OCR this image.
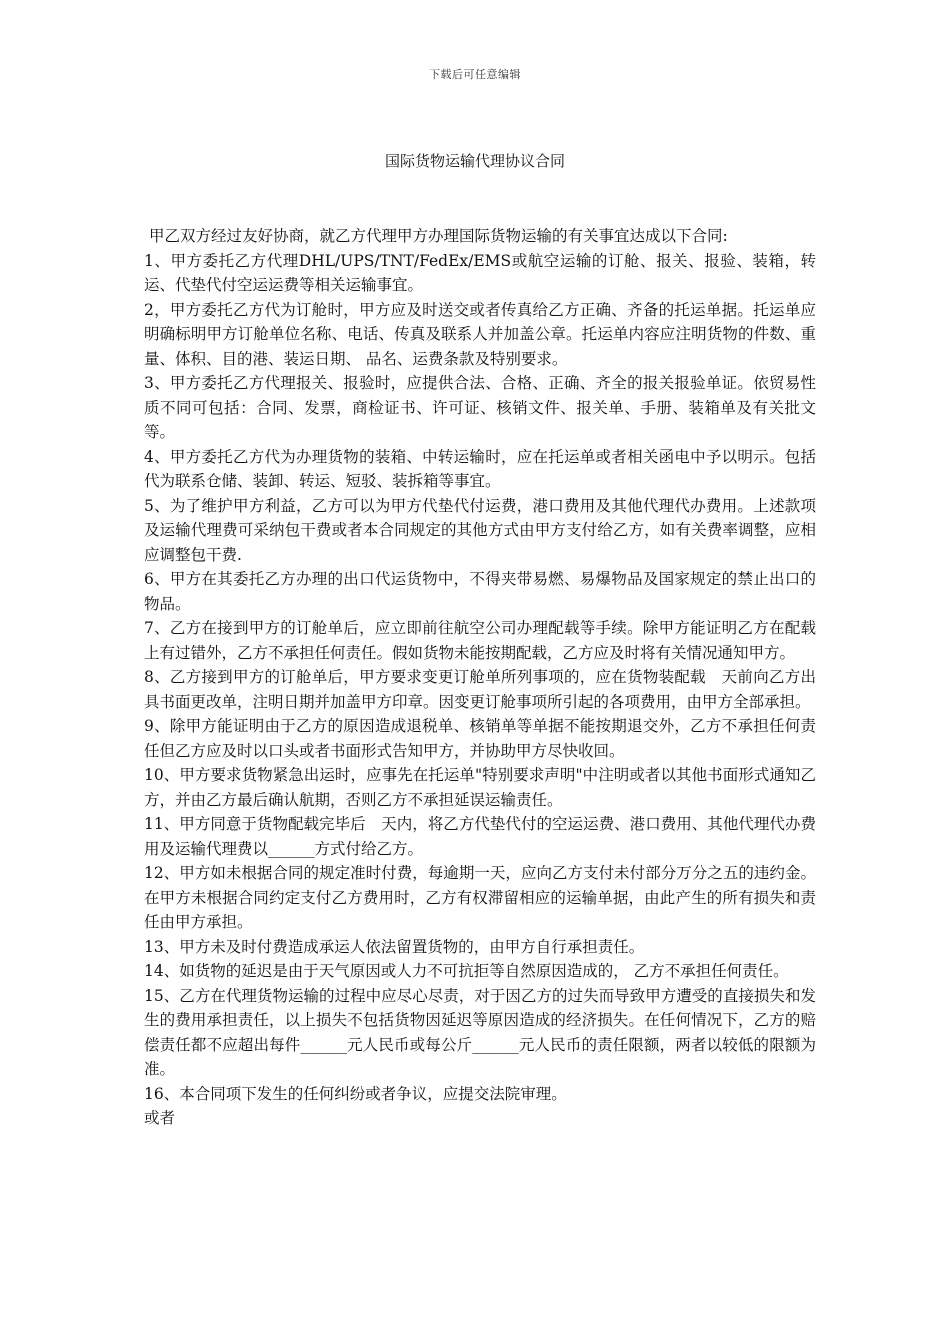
下载后可任意编辑
国际货物运输代理协议合同

甲乙双方经过友好协商，就乙方代理甲方办理国际货物运输的有关事宜达成以下合同:

1、甲方委托乙方代理DHL/UPS/TNT/FedEx/EMS或航空运输的订舱、报关、报验、装箱，转运、代垫代付空运运费等相关运输事宜。

2，甲方委托乙方代为订舱时，甲方应及时送交或者传真给乙方正确、齐备的托运单据。托运单应明确标明甲方订舱单位名称、电话、传真及联系人并加盖公章。托运单内容应注明货物的件数、重量、体积、目的港、装运日期、 品名、运费条款及特别要求。

3、甲方委托乙方代理报关、报验时，应提供合法、合格、正确、齐全的报关报验单证。依贸易性质不同可包括：合同、发票，商检证书、许可证、核销文件、报关单、手册、装箱单及有关批文等。

4、甲方委托乙方代为办理货物的装箱、中转运输时，应在托运单或者相关函电中予以明示。包括代为联系仓储、装卸、转运、短驳、装拆箱等事宜。

5、为了维护甲方利益，乙方可以为甲方代垫代付运费，港口费用及其他代理代办费用。上述款项及运输代理费可采纳包干费或者本合同规定的其他方式由甲方支付给乙方，如有关费率调整，应相应调整包干费.

6、甲方在其委托乙方办理的出口代运货物中，不得夹带易燃、易爆物品及国家规定的禁止出口的物品。

7、乙方在接到甲方的订舱单后，应立即前往航空公司办理配载等手续。除甲方能证明乙方在配载上有过错外，乙方不承担任何责任。假如货物未能按期配载，乙方应及时将有关情况通知甲方。

8、乙方接到甲方的订舱单后，甲方要求变更订舱单所列事项的，应在货物装配载　天前向乙方出具书面更改单，注明日期并加盖甲方印章。因变更订舱事项所引起的各项费用，由甲方全部承担。

9、除甲方能证明由于乙方的原因造成退税单、核销单等单据不能按期退交外，乙方不承担任何责任但乙方应及时以口头或者书面形式告知甲方，并协助甲方尽快收回。

10、甲方要求货物紧急出运时，应事先在托运单"特别要求声明"中注明或者以其他书面形式通知乙方，并由乙方最后确认航期，否则乙方不承担延误运输责任。

11、甲方同意于货物配载完毕后　天内，将乙方代垫代付的空运运费、港口费用、其他代理代办费用及运输代理费以______方式付给乙方。

12、甲方如未根据合同的规定准时付费，每逾期一天，应向乙方支付未付部分万分之五的违约金。在甲方未根据合同约定支付乙方费用时，乙方有权滞留相应的运输单据，由此产生的所有损失和责任由甲方承担。

13、甲方未及时付费造成承运人依法留置货物的，由甲方自行承担责任。

14、如货物的延迟是由于天气原因或人力不可抗拒等自然原因造成的， 乙方不承担任何责任。

15、乙方在代理货物运输的过程中应尽心尽责，对于因乙方的过失而导致甲方遭受的直接损失和发生的费用承担责任，以上损失不包括货物因延迟等原因造成的经济损失。在任何情况下，乙方的赔偿责任都不应超出每件______元人民币或每公斤______元人民币的责任限额，两者以较低的限额为准。

16、本合同项下发生的任何纠纷或者争议，应提交法院审理。

或者
